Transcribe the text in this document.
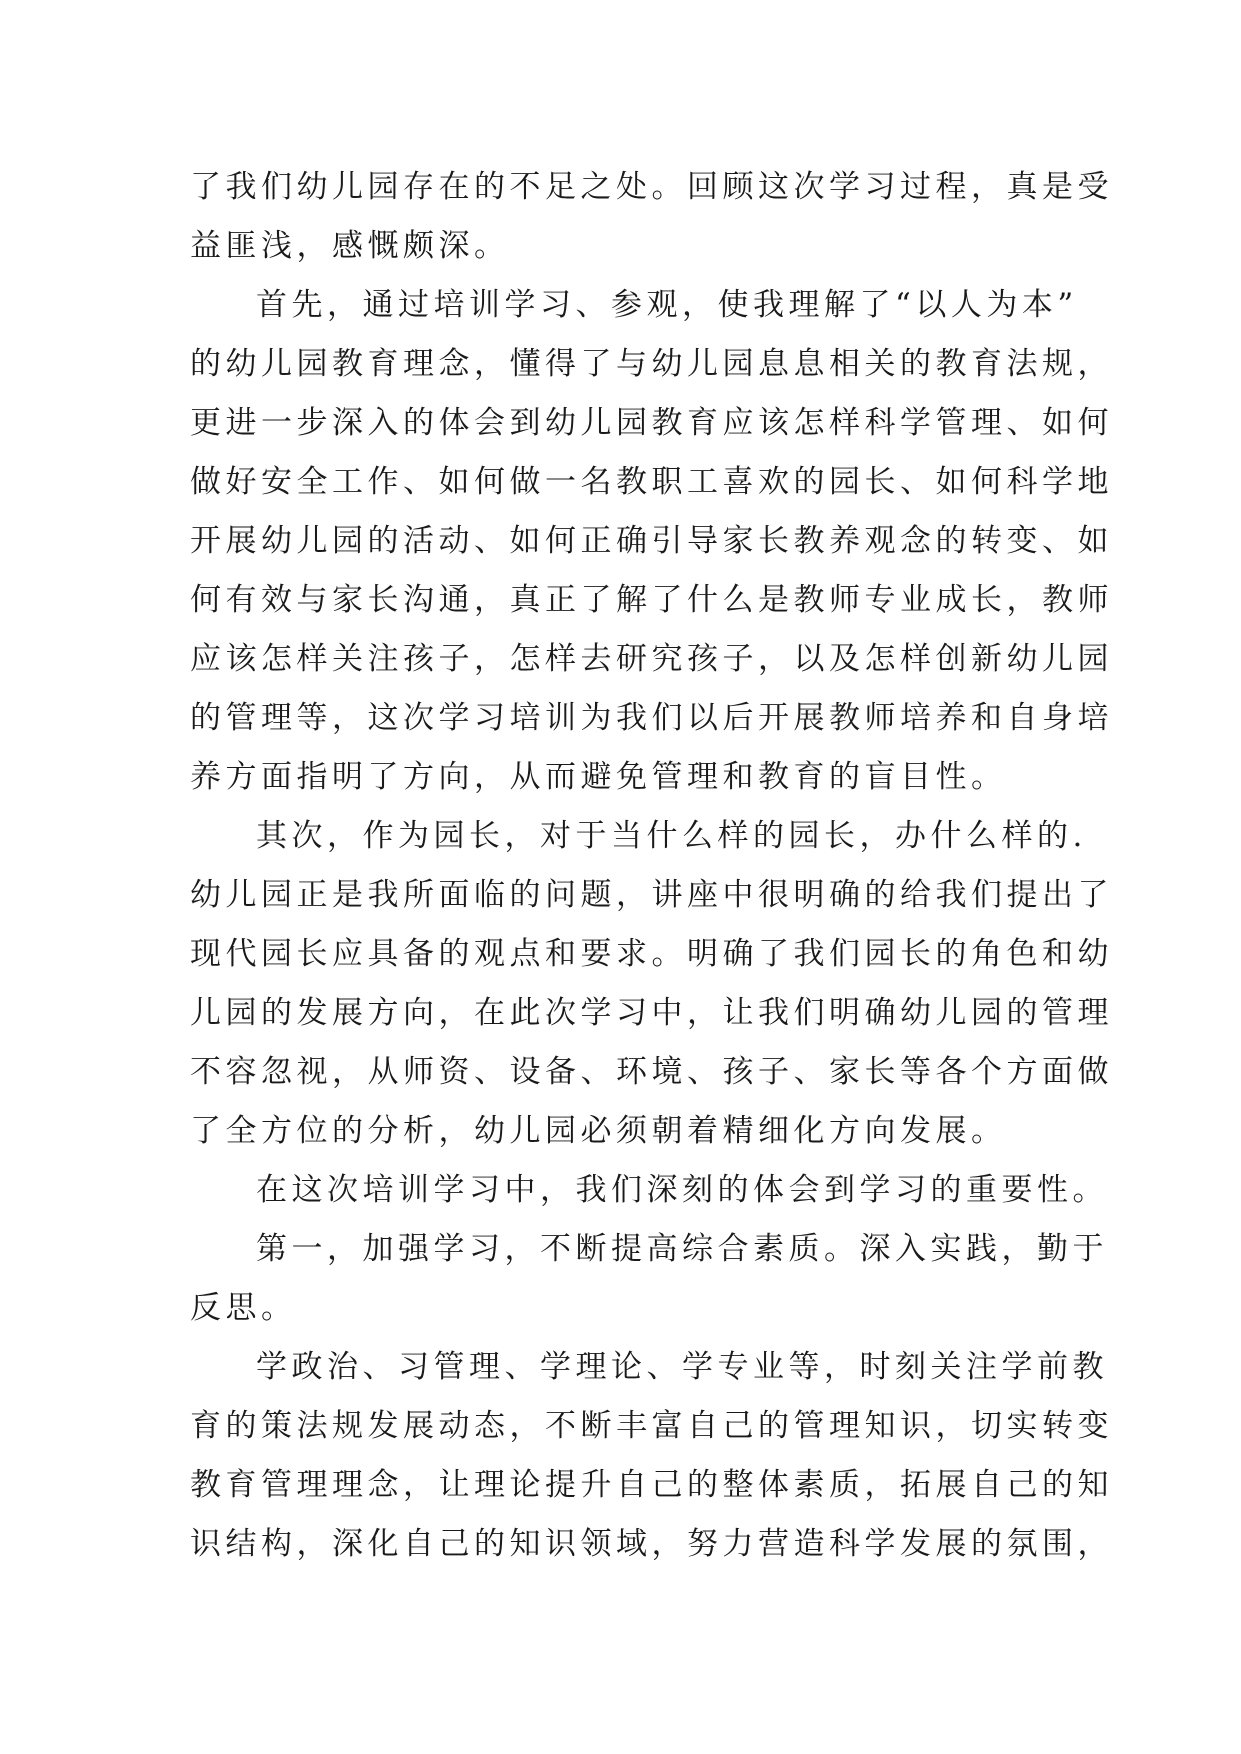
了我们幼儿园存在的不足之处。回顾这次学习过程，真是受
益匪浅，感慨颇深。
首先，通过培训学习、参观，使我理解了“以人为本”
的幼儿园教育理念，懂得了与幼儿园息息相关的教育法规，
更进一步深入的体会到幼儿园教育应该怎样科学管理、如何
做好安全工作、如何做一名教职工喜欢的园长、如何科学地
开展幼儿园的活动、如何正确引导家长教养观念的转变、如
何有效与家长沟通，真正了解了什么是教师专业成长，教师
应该怎样关注孩子，怎样去研究孩子，以及怎样创新幼儿园
的管理等，这次学习培训为我们以后开展教师培养和自身培
养方面指明了方向，从而避免管理和教育的盲目性。
其次，作为园长，对于当什么样的园长，办什么样的.
幼儿园正是我所面临的问题，讲座中很明确的给我们提出了
现代园长应具备的观点和要求。明确了我们园长的角色和幼
儿园的发展方向，在此次学习中，让我们明确幼儿园的管理
不容忽视，从师资、设备、环境、孩子、家长等各个方面做
了全方位的分析，幼儿园必须朝着精细化方向发展。
在这次培训学习中，我们深刻的体会到学习的重要性。
第一，加强学习，不断提高综合素质。深入实践，勤于
反思。
学政治、习管理、学理论、学专业等，时刻关注学前教
育的策法规发展动态，不断丰富自己的管理知识，切实转变
教育管理理念，让理论提升自己的整体素质，拓展自己的知
识结构，深化自己的知识领域，努力营造科学发展的氛围，
